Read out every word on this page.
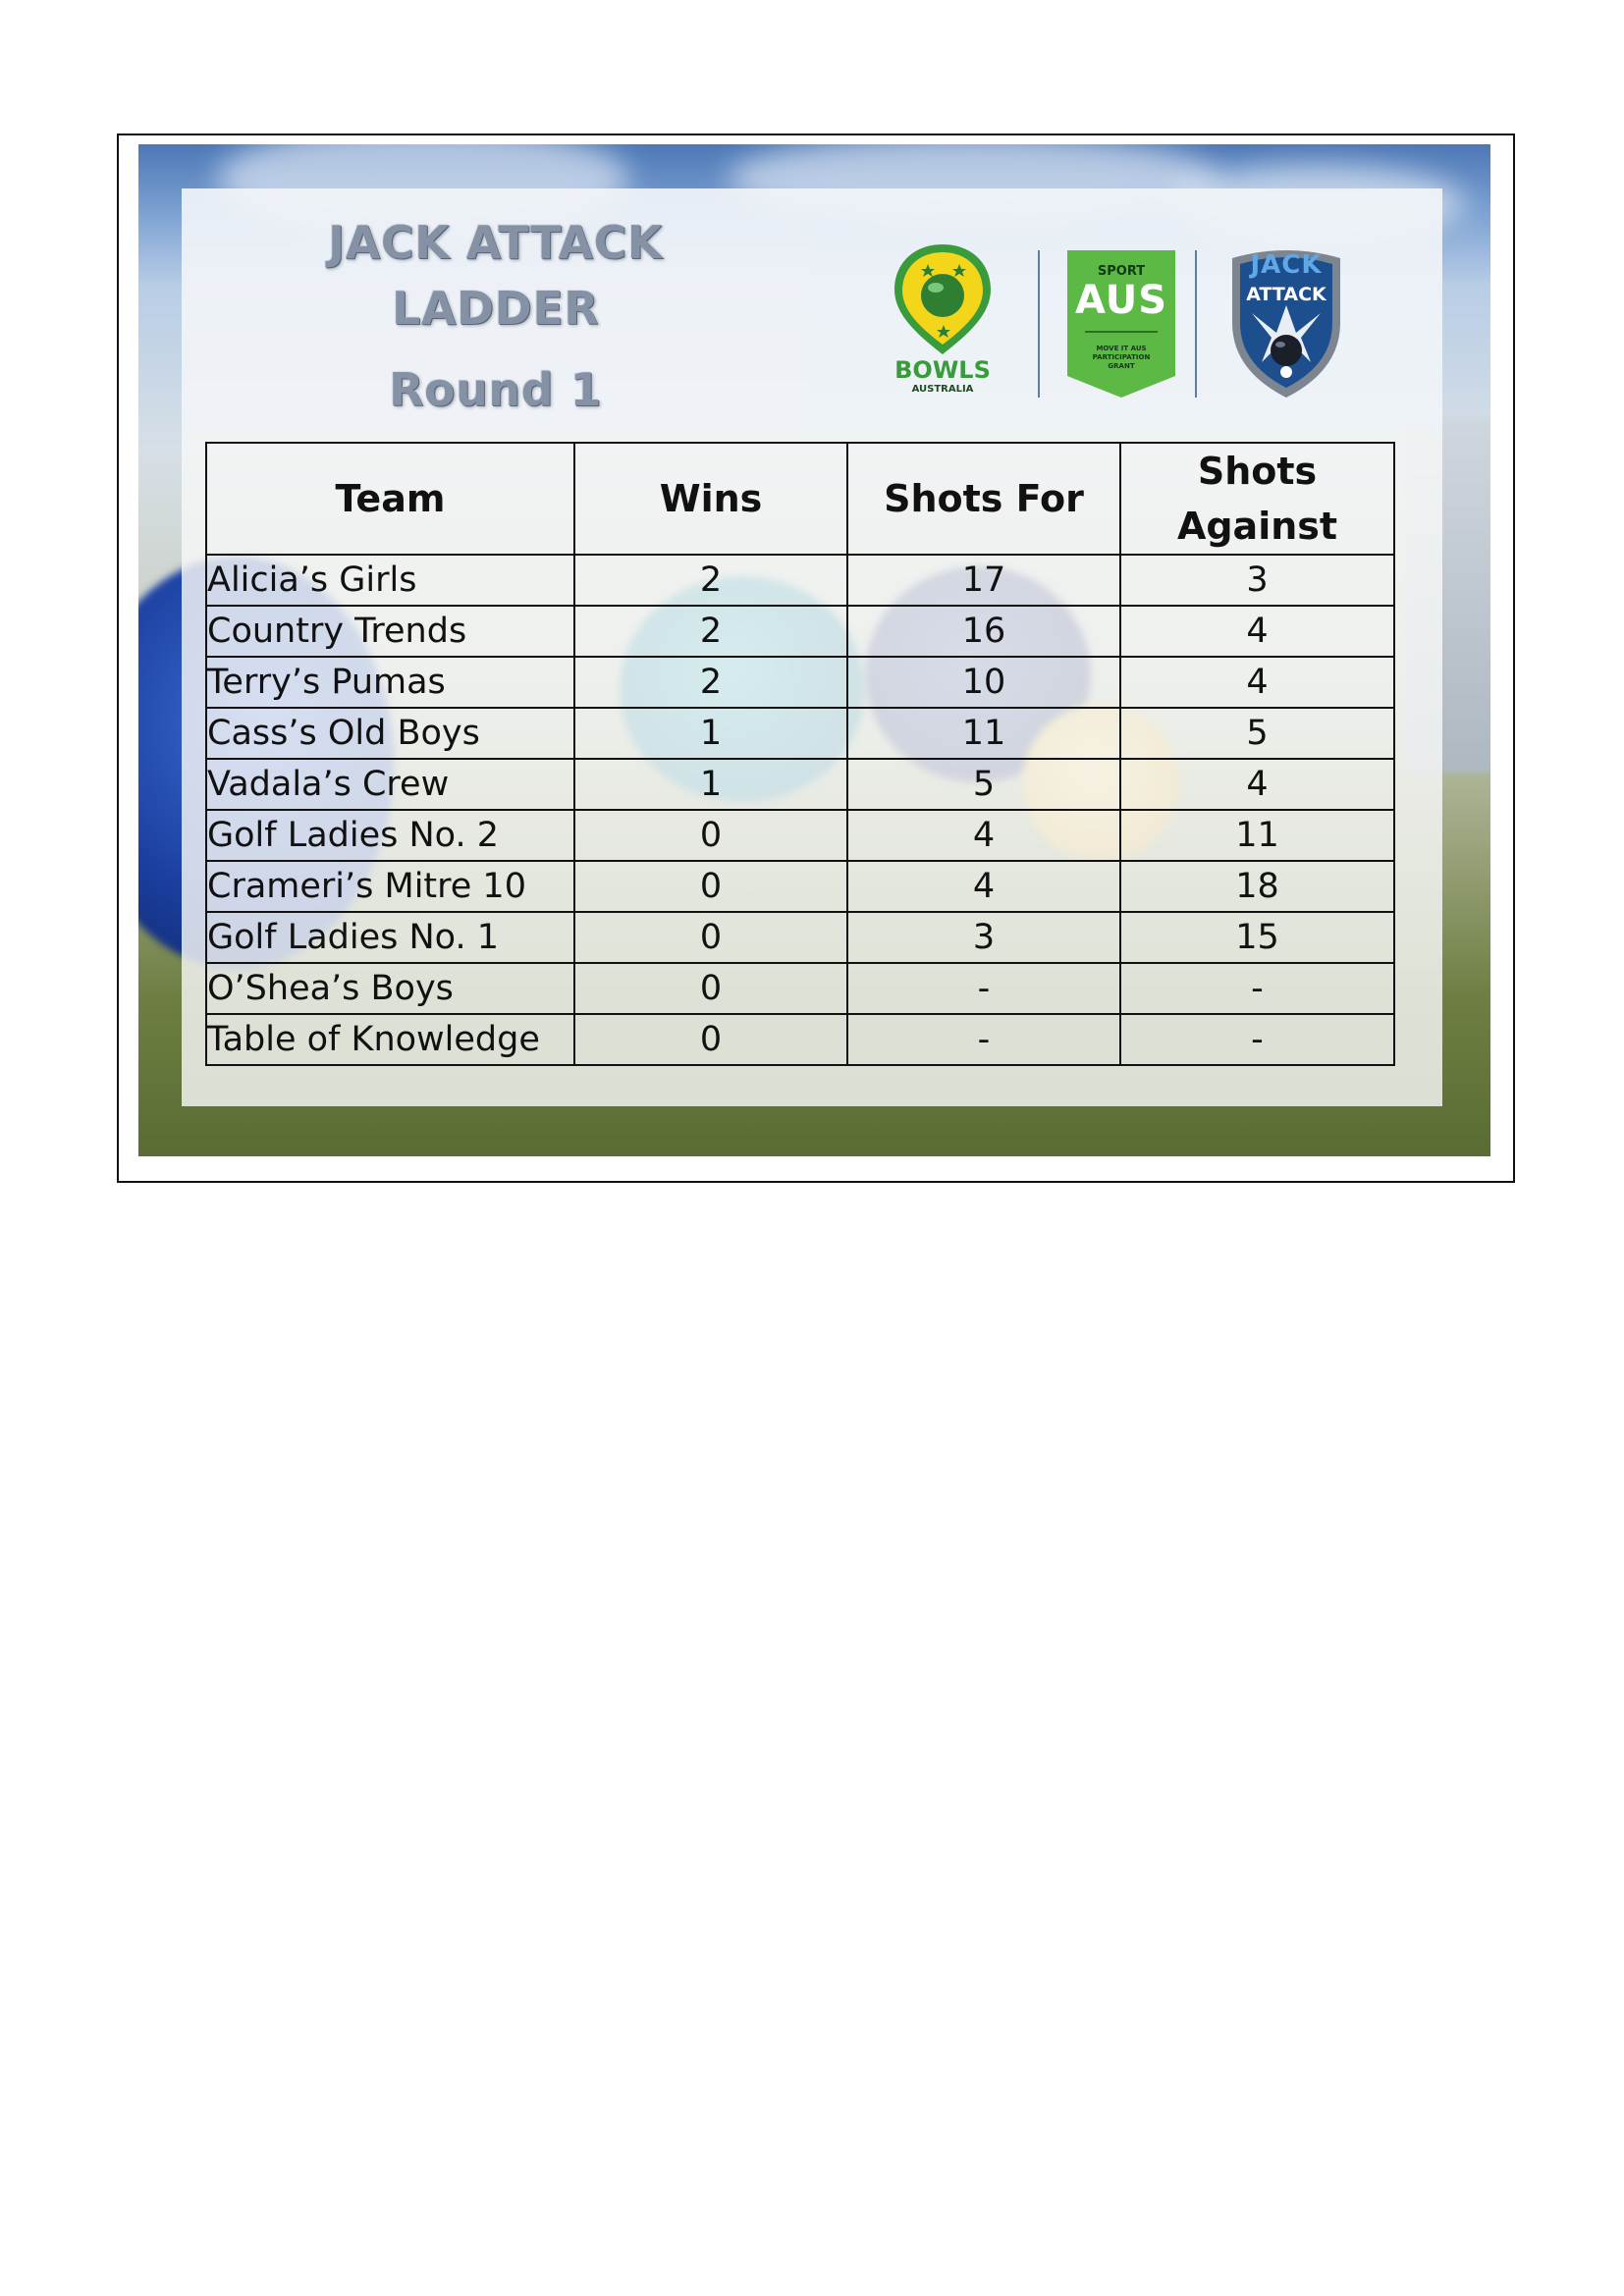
JACK ATTACK
LADDER
Round 1	BOWLS
AUSTRALIA
SPORT
AUS
MOVE IT AUS
PARTICIPATION
GRANT
JACK
ATTACK
Team	Wins	Shots For	Shots
Against
Alicia’s Girls	2	17	3
Country Trends	2	16	4
Terry’s Pumas	2	10	4
Cass’s Old Boys	1	11	5
Vadala’s Crew	1	5	4
Golf Ladies No. 2	0	4	11
Crameri’s Mitre 10	0	4	18
Golf Ladies No. 1	0	3	15
O’Shea’s Boys	0	-	-
Table of Knowledge	0	-	-
